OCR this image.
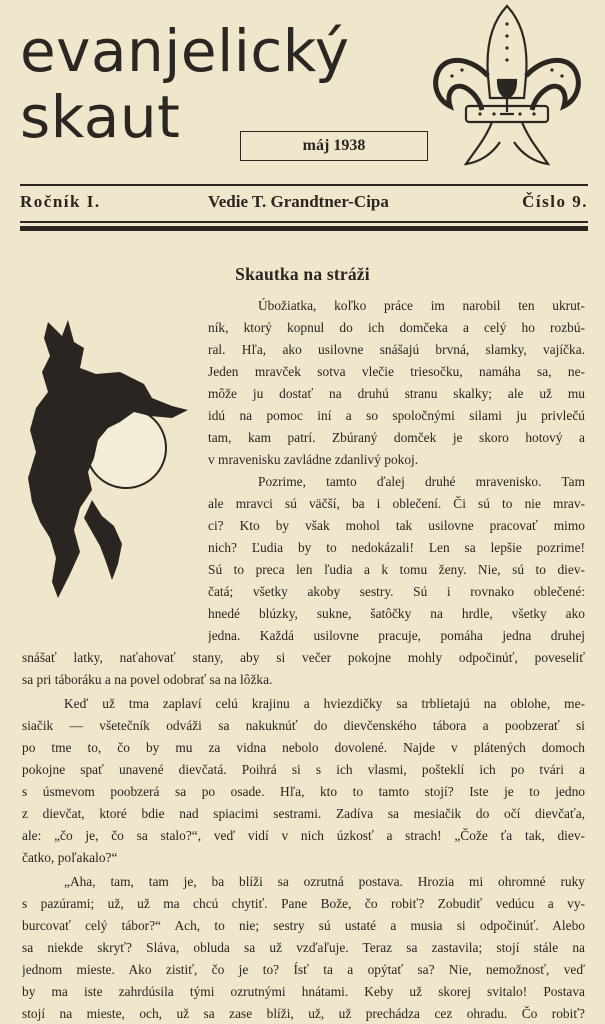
evanjelický
skaut	máj 1938
Ročník I.	Vedie T. Grandtner-Cipa	Číslo 9.
Skautka na stráži
Úbožiatka, koľko práce im narobil ten ukrut-
ník, ktorý kopnul do ich domčeka a celý ho rozbú-
ral. Hľa, ako usilovne snášajú brvná, slamky, vajíčka.
Jeden mravček sotva vlečie triesočku, namáha sa, ne-
môže ju dostať na druhú stranu skalky; ale už mu
idú na pomoc iní a so spoločnými silami ju privlečú
tam, kam patrí. Zbúraný domček je skoro hotový a
v mravenisku zavládne zdanlivý pokoj.
Pozrime, tamto ďalej druhé mravenisko. Tam
ale mravci sú väčší, ba i oblečení. Či sú to nie mrav-
ci? Kto by však mohol tak usilovne pracovať mimo
nich? Ľudia by to nedokázali! Len sa lepšie pozrime!
Sú to preca len ľudia a k tomu ženy. Nie, sú to diev-
čatá; všetky akoby sestry. Sú i rovnako oblečené:
hnedé blúzky, sukne, šatôčky na hrdle, všetky ako
jedna. Každá usilovne pracuje, pomáha jedna druhej
snášať latky, naťahovať stany, aby si večer pokojne mohly odpočinúť, poveseliť
sa pri táboráku a na povel odobrať sa na lôžka.
Keď už tma zaplaví celú krajinu a hviezdičky sa trblietajú na oblohe, me-
siačik — všetečník odváži sa nakuknúť do dievčenského tábora a poobzerať si
po tme to, čo by mu za vidna nebolo dovolené. Najde v plátených domoch
pokojne spať unavené dievčatá. Poihrá si s ich vlasmi, pošteklí ich po tvári a
s úsmevom poobzerá sa po osade. Hľa, kto to tamto stojí? Iste je to jedno
z dievčat, ktoré bdie nad spiacimi sestrami. Zadíva sa mesiačik do očí dievčaťa,
ale: „čo je, čo sa stalo?“, veď vidí v nich úzkosť a strach! „Čože ťa tak, diev-
čatko, poľakalo?“
„Aha, tam, tam je, ba blíži sa ozrutná postava. Hrozia mi ohromné ruky
s pazúrami; už, už ma chcú chytiť. Pane Bože, čo robiť? Zobudiť vedúcu a vy-
burcovať celý tábor?“ Ach, to nie; sestry sú ustaté a musia si odpočinúť. Alebo
sa niekde skryť? Sláva, obluda sa už vzďaľuje. Teraz sa zastavila; stojí stále na
jednom mieste. Ako zistiť, čo je to? Ísť ta a opýtať sa? Nie, nemožnosť, veď
by ma iste zahrdúsila tými ozrutnými hnátami. Keby už skorej svitalo! Postava
stojí na mieste, och, už sa zase blíži, už, už prechádza cez ohradu. Čo robiť?
